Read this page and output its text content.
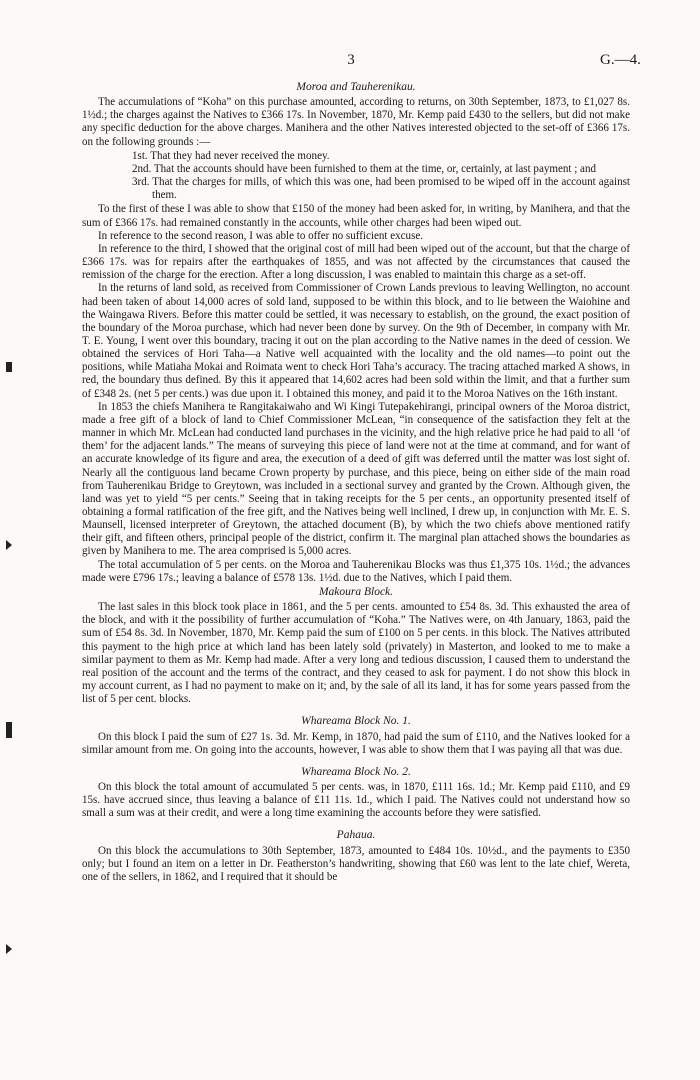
3	G.—4.
Moroa and Tauherenikau.

The accumulations of “Koha” on this purchase amounted, according to returns, on 30th September, 1873, to £1,027 8s. 1½d.; the charges against the Natives to £366 17s. In November, 1870, Mr. Kemp paid £430 to the sellers, but did not make any specific deduction for the above charges. Manihera and the other Natives interested objected to the set-off of £366 17s. on the following grounds :—

1st. That they had never received the money.
2nd. That the accounts should have been furnished to them at the time, or, certainly, at last payment ; and
3rd. That the charges for mills, of which this was one, had been promised to be wiped off in the account against them.

To the first of these I was able to show that £150 of the money had been asked for, in writing, by Manihera, and that the sum of £366 17s. had remained constantly in the accounts, while other charges had been wiped out.

In reference to the second reason, I was able to offer no sufficient excuse.

In reference to the third, I showed that the original cost of mill had been wiped out of the account, but that the charge of £366 17s. was for repairs after the earthquakes of 1855, and was not affected by the circumstances that caused the remission of the charge for the erection. After a long discussion, I was enabled to maintain this charge as a set-off.

In the returns of land sold, as received from Commissioner of Crown Lands previous to leaving Wellington, no account had been taken of about 14,000 acres of sold land, supposed to be within this block, and to lie between the Waiohine and the Waingawa Rivers. Before this matter could be settled, it was necessary to establish, on the ground, the exact position of the boundary of the Moroa purchase, which had never been done by survey. On the 9th of December, in company with Mr. T. E. Young, I went over this boundary, tracing it out on the plan according to the Native names in the deed of cession. We obtained the services of Hori Taha—a Native well acquainted with the locality and the old names—to point out the positions, while Matiaha Mokai and Roimata went to check Hori Taha’s accuracy. The tracing attached marked A shows, in red, the boundary thus defined. By this it appeared that 14,602 acres had been sold within the limit, and that a further sum of £348 2s. (net 5 per cents.) was due upon it. I obtained this money, and paid it to the Moroa Natives on the 16th instant.

In 1853 the chiefs Manihera te Rangitakaiwaho and Wi Kingi Tutepakehirangi, principal owners of the Moroa district, made a free gift of a block of land to Chief Commissioner McLean, “in consequence of the satisfaction they felt at the manner in which Mr. McLean had conducted land purchases in the vicinity, and the high relative price he had paid to all ‘of them’ for the adjacent lands.” The means of surveying this piece of land were not at the time at command, and for want of an accurate knowledge of its figure and area, the execution of a deed of gift was deferred until the matter was lost sight of. Nearly all the contiguous land became Crown property by purchase, and this piece, being on either side of the main road from Tauherenikau Bridge to Greytown, was included in a sectional survey and granted by the Crown. Although given, the land was yet to yield “5 per cents.” Seeing that in taking receipts for the 5 per cents., an opportunity presented itself of obtaining a formal ratification of the free gift, and the Natives being well inclined, I drew up, in conjunction with Mr. E. S. Maunsell, licensed interpreter of Greytown, the attached document (B), by which the two chiefs above mentioned ratify their gift, and fifteen others, principal people of the district, confirm it. The marginal plan attached shows the boundaries as given by Manihera to me. The area comprised is 5,000 acres.

The total accumulation of 5 per cents. on the Moroa and Tauherenikau Blocks was thus £1,375 10s. 1½d.; the advances made were £796 17s.; leaving a balance of £578 13s. 1½d. due to the Natives, which I paid them.

Makoura Block.

The last sales in this block took place in 1861, and the 5 per cents. amounted to £54 8s. 3d. This exhausted the area of the block, and with it the possibility of further accumulation of “Koha.” The Natives were, on 4th January, 1863, paid the sum of £54 8s. 3d. In November, 1870, Mr. Kemp paid the sum of £100 on 5 per cents. in this block. The Natives attributed this payment to the high price at which land has been lately sold (privately) in Masterton, and looked to me to make a similar payment to them as Mr. Kemp had made. After a very long and tedious discussion, I caused them to understand the real position of the account and the terms of the contract, and they ceased to ask for payment. I do not show this block in my account current, as I had no payment to make on it; and, by the sale of all its land, it has for some years passed from the list of 5 per cent. blocks.

Whareama Block No. 1.

On this block I paid the sum of £27 1s. 3d. Mr. Kemp, in 1870, had paid the sum of £110, and the Natives looked for a similar amount from me. On going into the accounts, however, I was able to show them that I was paying all that was due.

Whareama Block No. 2.

On this block the total amount of accumulated 5 per cents. was, in 1870, £111 16s. 1d.; Mr. Kemp paid £110, and £9 15s. have accrued since, thus leaving a balance of £11 11s. 1d., which I paid. The Natives could not understand how so small a sum was at their credit, and were a long time examining the accounts before they were satisfied.

Pahaua.

On this block the accumulations to 30th September, 1873, amounted to £484 10s. 10½d., and the payments to £350 only; but I found an item on a letter in Dr. Featherston’s handwriting, showing that £60 was lent to the late chief, Wereta, one of the sellers, in 1862, and I required that it should be
